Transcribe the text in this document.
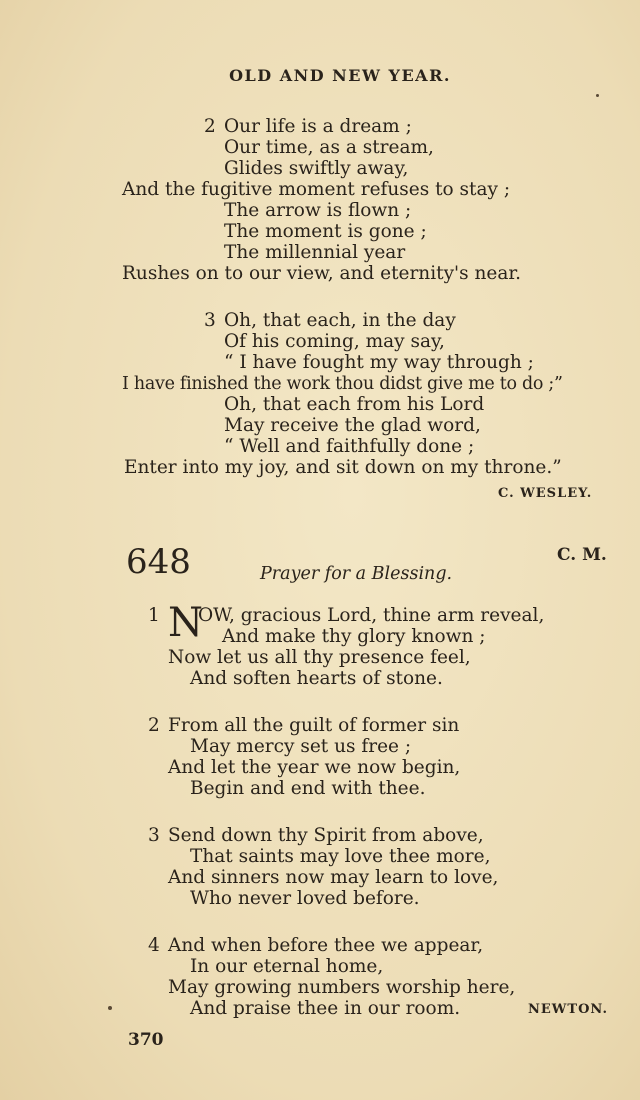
OLD AND NEW YEAR.
2 Our life is a dream ;
Our time, as a stream,
Glides swiftly away,
And the fugitive moment refuses to stay ;
The arrow is flown ;
The moment is gone ;
The millennial year
Rushes on to our view, and eternity's near.
3 Oh, that each, in the day
Of his coming, may say,
“ I have fought my way through ;
I have finished the work thou didst give me to do ;”
Oh, that each from his Lord
May receive the glad word,
“ Well and faithfully done ;
Enter into my joy, and sit down on my throne.”
C. WESLEY.
648	C. M.
Prayer for a Blessing.
1 N
OW, gracious Lord, thine arm reveal,
And make thy glory known ;
Now let us all thy presence feel,
And soften hearts of stone.
2 From all the guilt of former sin
May mercy set us free ;
And let the year we now begin,
Begin and end with thee.
3 Send down thy Spirit from above,
That saints may love thee more,
And sinners now may learn to love,
Who never loved before.
4 And when before thee we appear,
In our eternal home,
May growing numbers worship here,
And praise thee in our room.	NEWTON.
370
